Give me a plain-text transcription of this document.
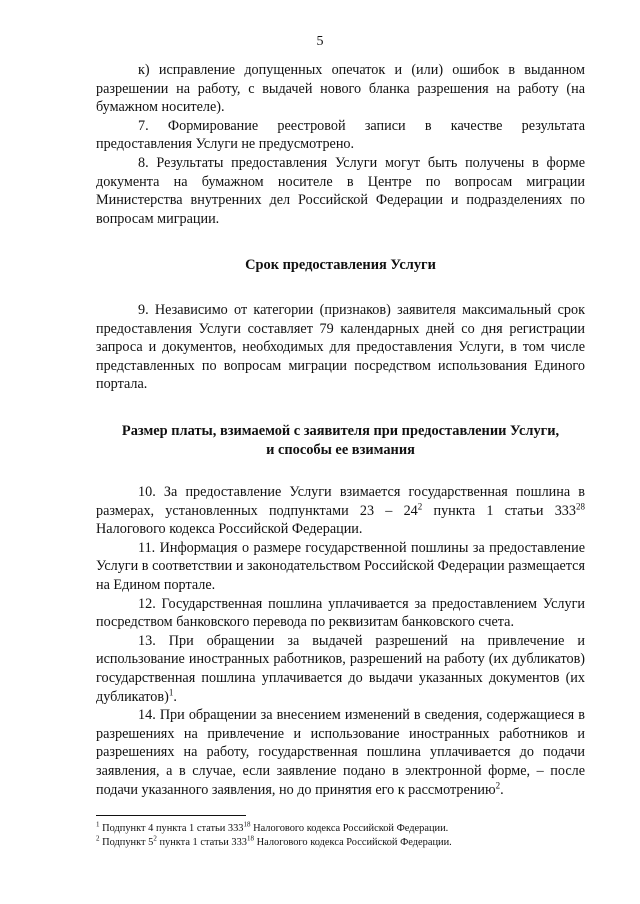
5

к) исправление допущенных опечаток и (или) ошибок в выданном разрешении на работу, с выдачей нового бланка разрешения на работу (на бумажном носителе).

7. Формирование реестровой записи в качестве результата предоставления Услуги не предусмотрено.

8. Результаты предоставления Услуги могут быть получены в форме документа на бумажном носителе в Центре по вопросам миграции Министерства внутренних дел Российской Федерации и подразделениях по вопросам миграции.

Срок предоставления Услуги

9. Независимо от категории (признаков) заявителя максимальный срок предоставления Услуги составляет 79 календарных дней со дня регистрации запроса и документов, необходимых для предоставления Услуги, в том числе представленных по вопросам миграции посредством использования Единого портала.

Размер платы, взимаемой с заявителя при предоставлении Услуги,

и способы ее взимания

10. За предоставление Услуги взимается государственная пошлина в размерах, установленных подпунктами $23 - 24^2$ пункта 1 статьи $333^{28}$ Налогового кодекса Российской Федерации.

11. Информация о размере государственной пошлины за предоставление Услуги в соответствии и законодательством Российской Федерации размещается на Едином портале.

12. Государственная пошлина уплачивается за предоставлением Услуги посредством банковского перевода по реквизитам банковского счета.

13. При обращении за выдачей разрешений на привлечение и использование иностранных работников, разрешений на работу (их дубликатов) государственная пошлина уплачивается до выдачи указанных документов (их дубликатов)$^1$.

14. При обращении за внесением изменений в сведения, содержащиеся в разрешениях на привлечение и использование иностранных работников и разрешениях на работу, государственная пошлина уплачивается до подачи заявления, а в случае, если заявление подано в электронной форме, – после подачи указанного заявления, но до принятия его к рассмотрению$^2$.

$^1$ Подпункт 4 пункта 1 статьи $333^{18}$ Налогового кодекса Российской Федерации.
$^2$ Подпункт $5^2$ пункта 1 статьи $333^{18}$ Налогового кодекса Российской Федерации.
